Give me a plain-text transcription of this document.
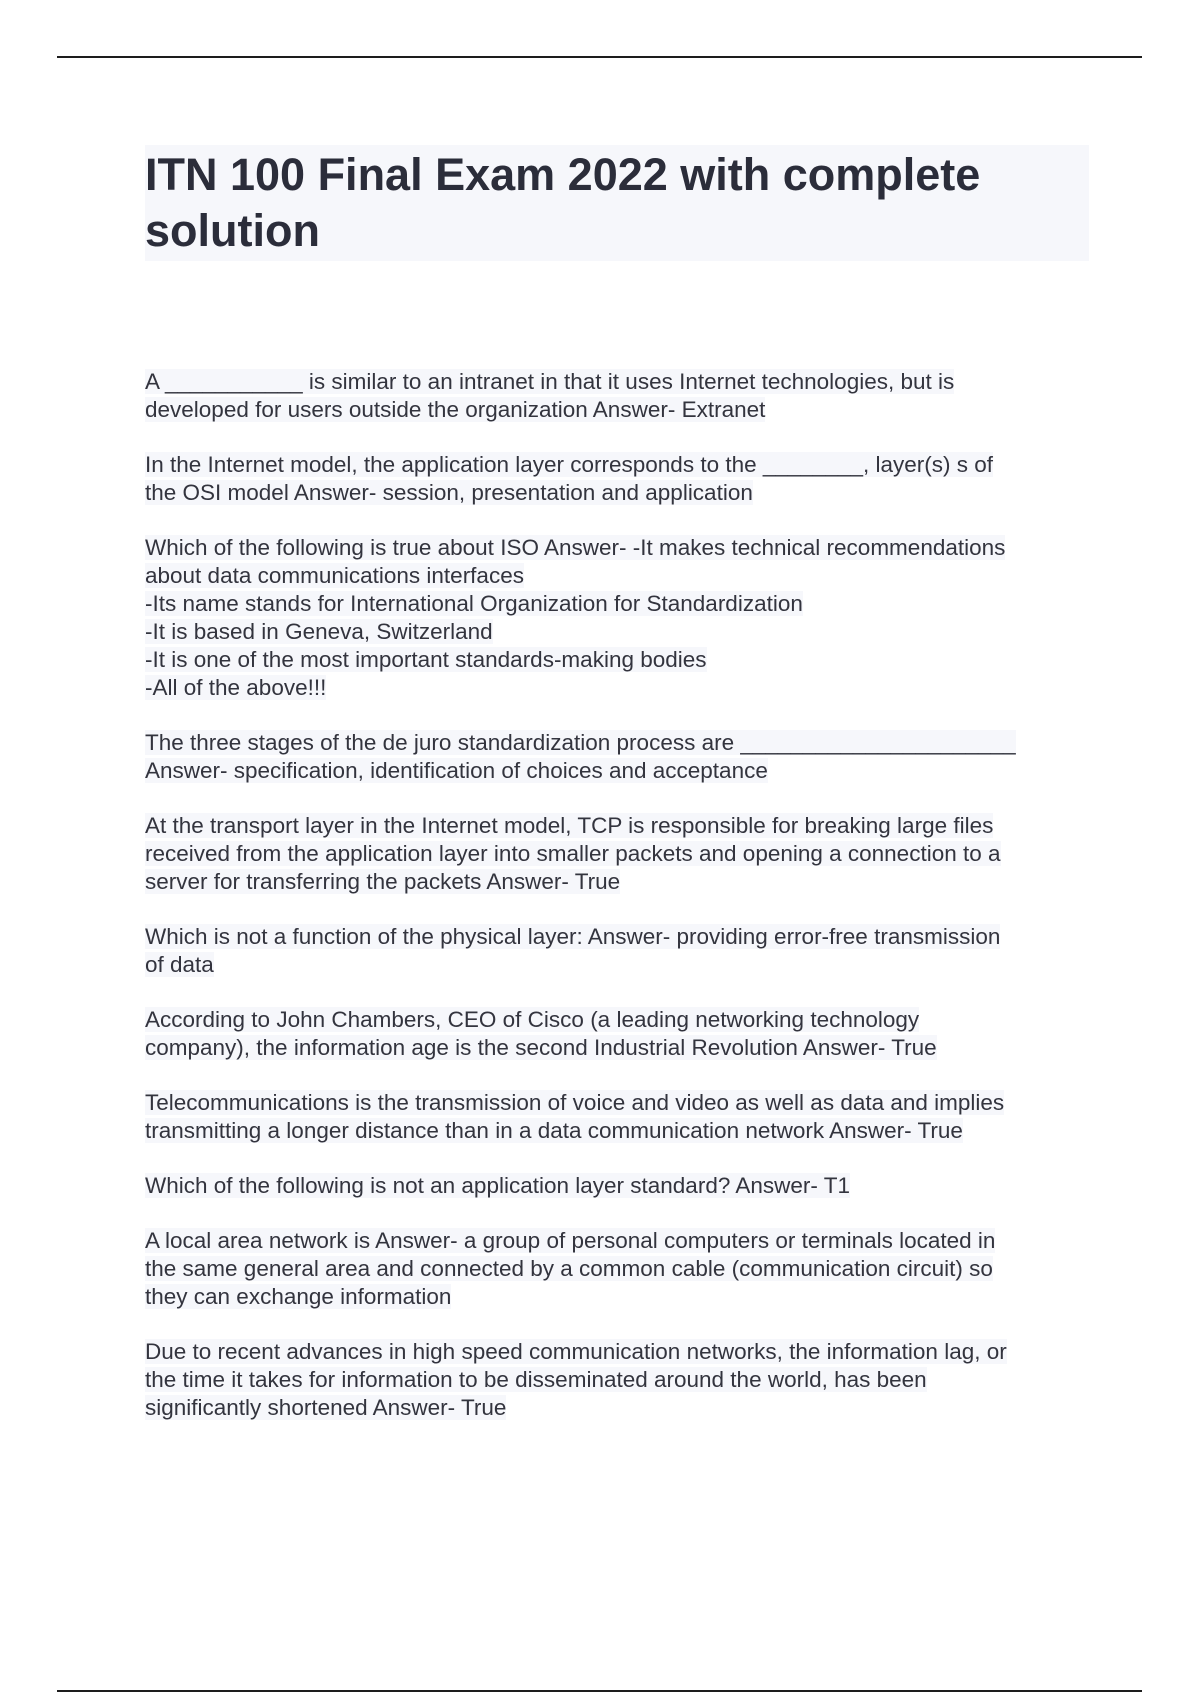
ITN 100 Final Exam 2022 with complete
solution

A ___________ is similar to an intranet in that it uses Internet technologies, but is
developed for users outside the organization Answer- Extranet

In the Internet model, the application layer corresponds to the ________, layer(s) s of
the OSI model Answer- session, presentation and application

Which of the following is true about ISO Answer- -It makes technical recommendations
about data communications interfaces
-Its name stands for International Organization for Standardization
-It is based in Geneva, Switzerland
-It is one of the most important standards-making bodies
-All of the above!!!

The three stages of the de juro standardization process are ______________________
Answer- specification, identification of choices and acceptance

At the transport layer in the Internet model, TCP is responsible for breaking large files
received from the application layer into smaller packets and opening a connection to a
server for transferring the packets Answer- True

Which is not a function of the physical layer: Answer- providing error-free transmission
of data

According to John Chambers, CEO of Cisco (a leading networking technology
company), the information age is the second Industrial Revolution Answer- True

Telecommunications is the transmission of voice and video as well as data and implies
transmitting a longer distance than in a data communication network Answer- True

Which of the following is not an application layer standard? Answer- T1

A local area network is Answer- a group of personal computers or terminals located in
the same general area and connected by a common cable (communication circuit) so
they can exchange information

Due to recent advances in high speed communication networks, the information lag, or
the time it takes for information to be disseminated around the world, has been
significantly shortened Answer- True
